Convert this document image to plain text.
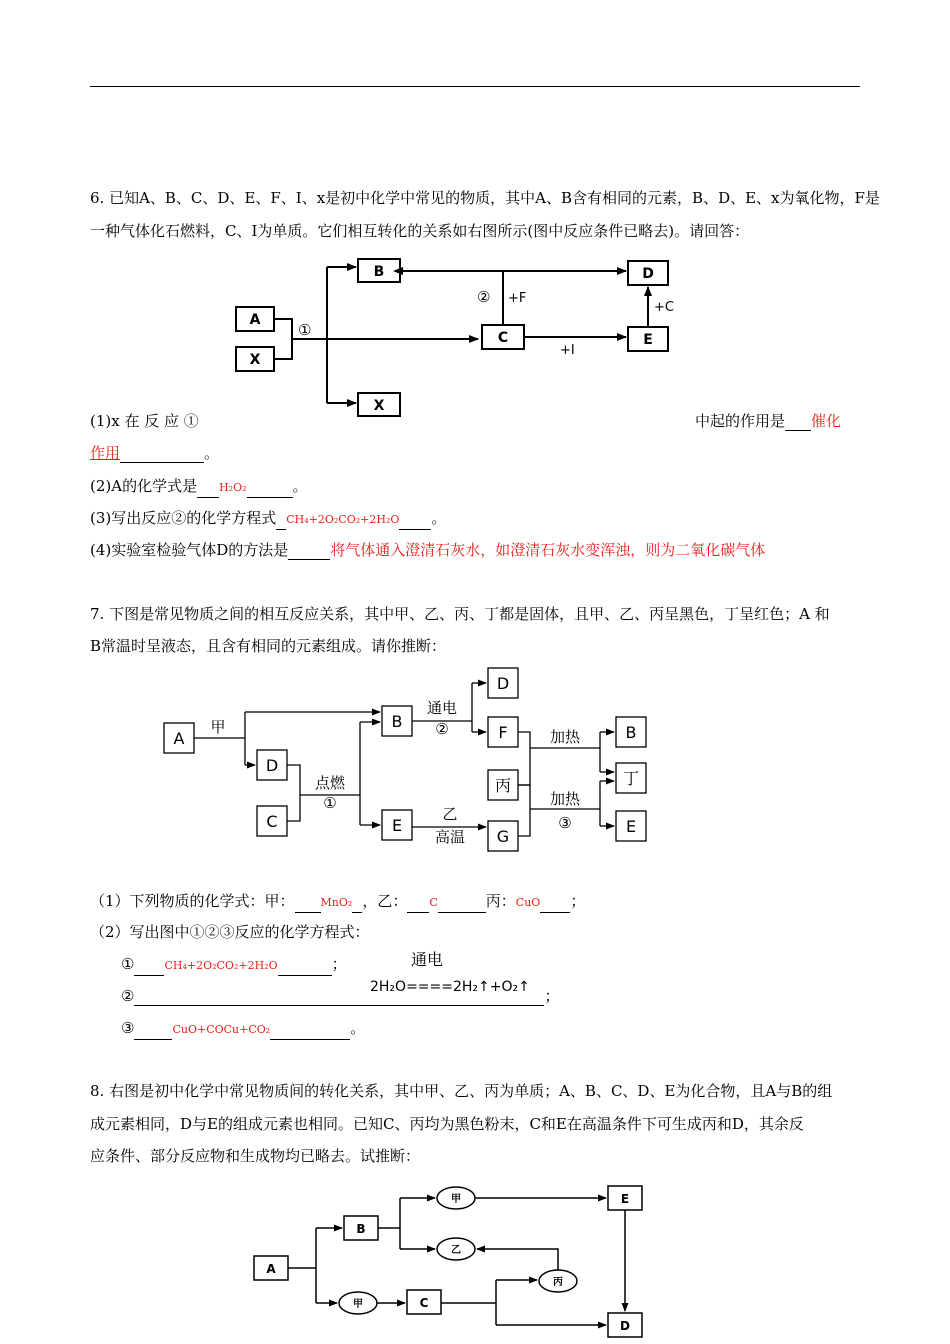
6. 已知A、B、C、D、E、F、I、x是初中化学中常见的物质，其中A、B含有相同的元素，B、D、E、x为氧化物，F是
一种气体化石燃料，C、I为单质。它们相互转化的关系如右图所示(图中反应条件已略去)。请回答：
A
X
B
X
C
D
E
①
② +F
+C
+I
(1)x 在 反 应 ①	中起的作用是 催化
作用	。
(2)A的化学式是 H₂O₂	。
(3)写出反应②的化学方程式 CH₄+2O₂CO₂+2H₂O 。
(4)实验室检验气体D的方法是	将气体通入澄清石灰水，如澄清石灰水变浑浊，则为二氧化碳气体
7. 下图是常见物质之间的相互反应关系，其中甲、乙、丙、丁都是固体，且甲、乙、丙呈黑色，丁呈红色；A 和
B常温时呈液态，且含有相同的元素组成。请你推断：
A
D
C
B
E
D
F
丙
G
B
丁
E
甲
点燃
①
通电
②
乙
高温
加热
加热
③
（1）下列物质的化学式：甲： MnO₂ ，乙： C	丙：CuO ；
（2）写出图中①②③反应的化学方程式：
①	CH₄+2O₂CO₂+2H₂O	；	通电
②	；
2H₂O====2H₂↑+O₂↑
③	CuO+COCu+CO₂	。
8. 右图是初中化学中常见物质间的转化关系，其中甲、乙、丙为单质；A、B、C、D、E为化合物，且A与B的组
成元素相同，D与E的组成元素也相同。已知C、丙均为黑色粉末，C和E在高温条件下可生成丙和D，其余反
应条件、部分反应物和生成物均已略去。试推断：
A
B
甲
乙
甲	C
丙
E
D
